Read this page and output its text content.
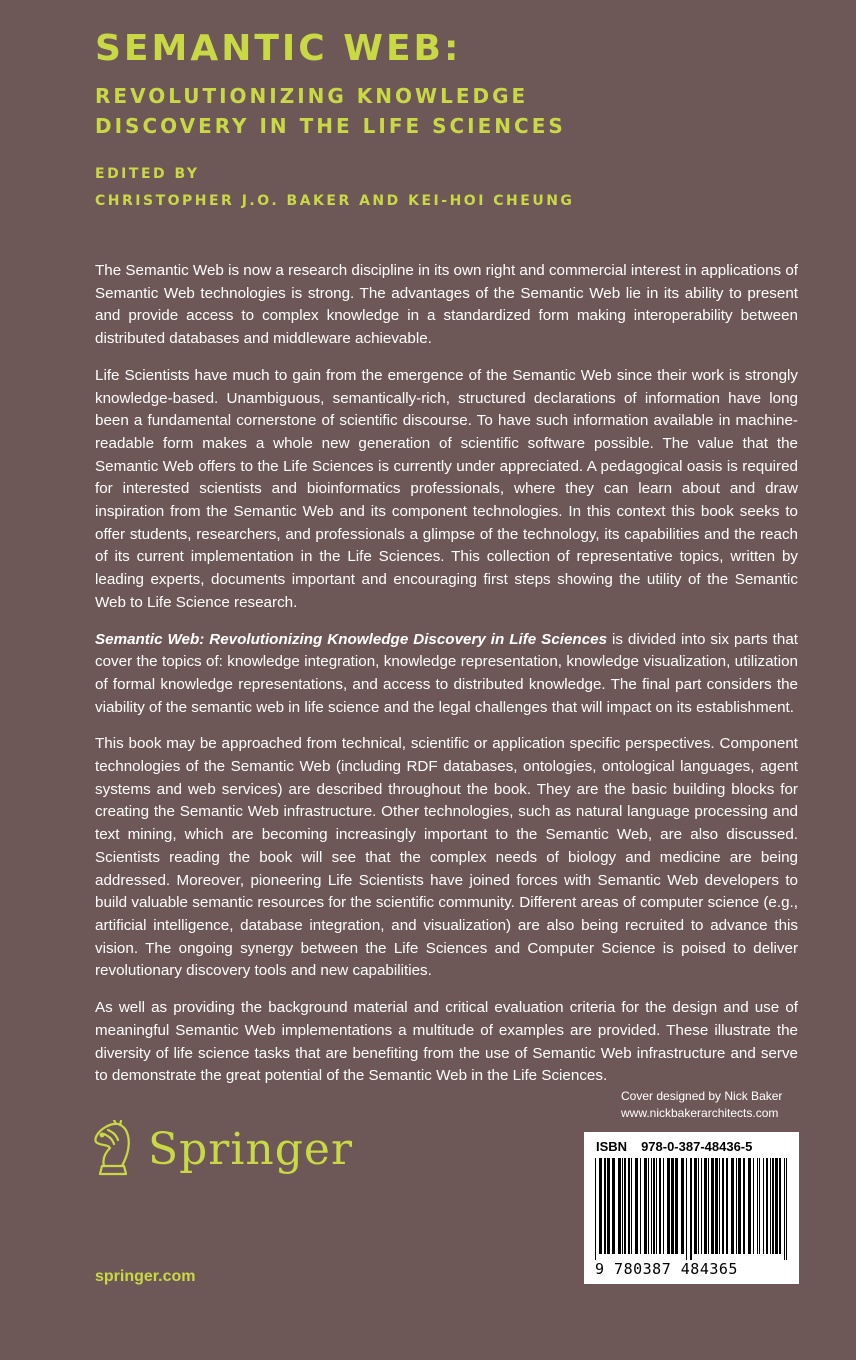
SEMANTIC WEB:
REVOLUTIONIZING KNOWLEDGE
DISCOVERY IN THE LIFE SCIENCES
EDITED BY
CHRISTOPHER J.O. BAKER AND KEI-HOI CHEUNG

The Semantic Web is now a research discipline in its own right and commercial interest in applications of Semantic Web technologies is strong. The advantages of the Semantic Web lie in its ability to present and provide access to complex knowledge in a standardized form making interoperability between distributed databases and middleware achievable.

Life Scientists have much to gain from the emergence of the Semantic Web since their work is strongly knowledge-based. Unambiguous, semantically-rich, structured declarations of information have long been a fundamental cornerstone of scientific discourse. To have such information available in machine-readable form makes a whole new generation of scientific software possible. The value that the Semantic Web offers to the Life Sciences is currently under appreciated. A pedagogical oasis is required for interested scientists and bioinformatics professionals, where they can learn about and draw inspiration from the Semantic Web and its component technologies. In this context this book seeks to offer students, researchers, and professionals a glimpse of the technology, its capabilities and the reach of its current implementation in the Life Sciences. This collection of representative topics, written by leading experts, documents important and encouraging first steps showing the utility of the Semantic Web to Life Science research.

Semantic Web: Revolutionizing Knowledge Discovery in Life Sciences is divided into six parts that cover the topics of: knowledge integration, knowledge representation, knowledge visualization, utilization of formal knowledge representations, and access to distributed knowledge. The final part considers the viability of the semantic web in life science and the legal challenges that will impact on its establishment.

This book may be approached from technical, scientific or application specific perspectives. Component technologies of the Semantic Web (including RDF databases, ontologies, ontological languages, agent systems and web services) are described throughout the book. They are the basic building blocks for creating the Semantic Web infrastructure. Other technologies, such as natural language processing and text mining, which are becoming increasingly important to the Semantic Web, are also discussed. Scientists reading the book will see that the complex needs of biology and medicine are being addressed. Moreover, pioneering Life Scientists have joined forces with Semantic Web developers to build valuable semantic resources for the scientific community. Different areas of computer science (e.g., artificial intelligence, database integration, and visualization) are also being recruited to advance this vision. The ongoing synergy between the Life Sciences and Computer Science is poised to deliver revolutionary discovery tools and new capabilities.

As well as providing the background material and critical evaluation criteria for the design and use of meaningful Semantic Web implementations a multitude of examples are provided. These illustrate the diversity of life science tasks that are benefiting from the use of Semantic Web infrastructure and serve to demonstrate the great potential of the Semantic Web in the Life Sciences.

Cover designed by Nick Baker
www.nickbakerarchitects.com
Springer
springer.com
ISBN 978-0-387-48436-5
9 780387 484365
